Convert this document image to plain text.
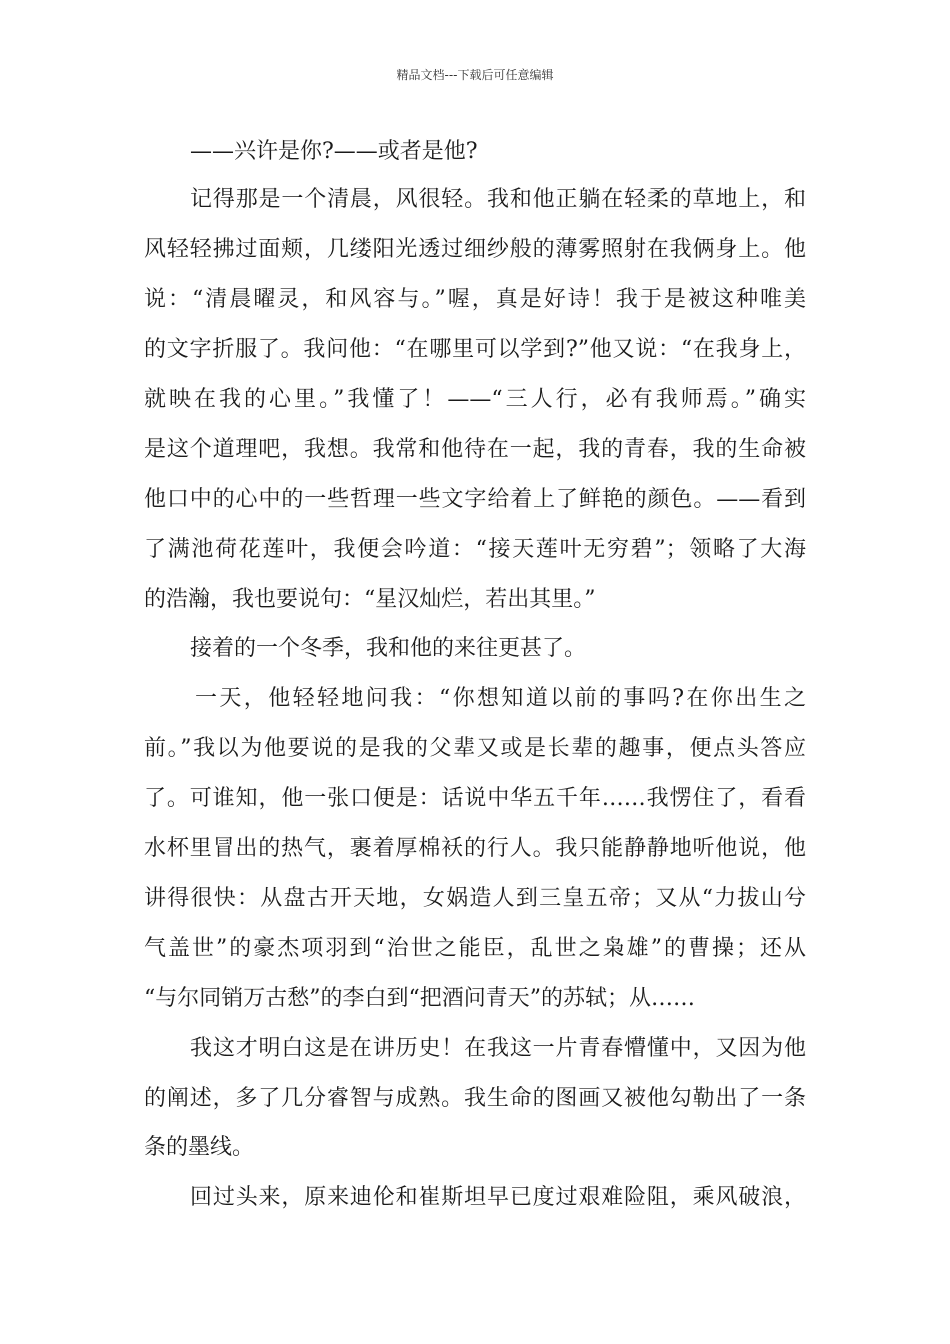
精品文档---下载后可任意编辑
——兴许是你?——或者是他?
记得那是一个清晨，风很轻。我和他正躺在轻柔的草地上，和
风轻轻拂过面颊，几缕阳光透过细纱般的薄雾照射在我俩身上。他
说：“清晨曜灵，和风容与。”喔，真是好诗！我于是被这种唯美
的文字折服了。我问他：“在哪里可以学到?”他又说：“在我身上，
就映在我的心里。”我懂了！——“三人行，必有我师焉。”确实
是这个道理吧，我想。我常和他待在一起，我的青春，我的生命被
他口中的心中的一些哲理一些文字给着上了鲜艳的颜色。——看到
了满池荷花莲叶，我便会吟道：“接天莲叶无穷碧”；领略了大海
的浩瀚，我也要说句：“星汉灿烂，若出其里。”
接着的一个冬季，我和他的来往更甚了。
一天，他轻轻地问我：“你想知道以前的事吗?在你出生之
前。”我以为他要说的是我的父辈又或是长辈的趣事，便点头答应
了。可谁知，他一张口便是：话说中华五千年……我愣住了，看看
水杯里冒出的热气，裹着厚棉袄的行人。我只能静静地听他说，他
讲得很快：从盘古开天地，女娲造人到三皇五帝；又从“力拔山兮
气盖世”的豪杰项羽到“治世之能臣，乱世之枭雄”的曹操；还从
“与尔同销万古愁”的李白到“把酒问青天”的苏轼；从……
我这才明白这是在讲历史！在我这一片青春懵懂中，又因为他
的阐述，多了几分睿智与成熟。我生命的图画又被他勾勒出了一条
条的墨线。
回过头来，原来迪伦和崔斯坦早已度过艰难险阻，乘风破浪，
